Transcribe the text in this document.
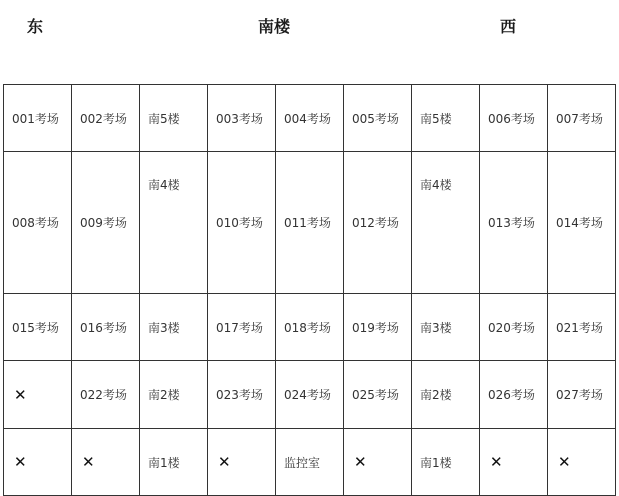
东	南楼	西
001考场	002考场	南5楼	003考场	004考场	005考场	南5楼	006考场	007考场
008考场	009考场	南4楼	010考场	011考场	012考场	南4楼	013考场	014考场
015考场	016考场	南3楼	017考场	018考场	019考场	南3楼	020考场	021考场
✕	022考场	南2楼	023考场	024考场	025考场	南2楼	026考场	027考场
✕	✕	南1楼	✕	监控室	✕	南1楼	✕	✕
